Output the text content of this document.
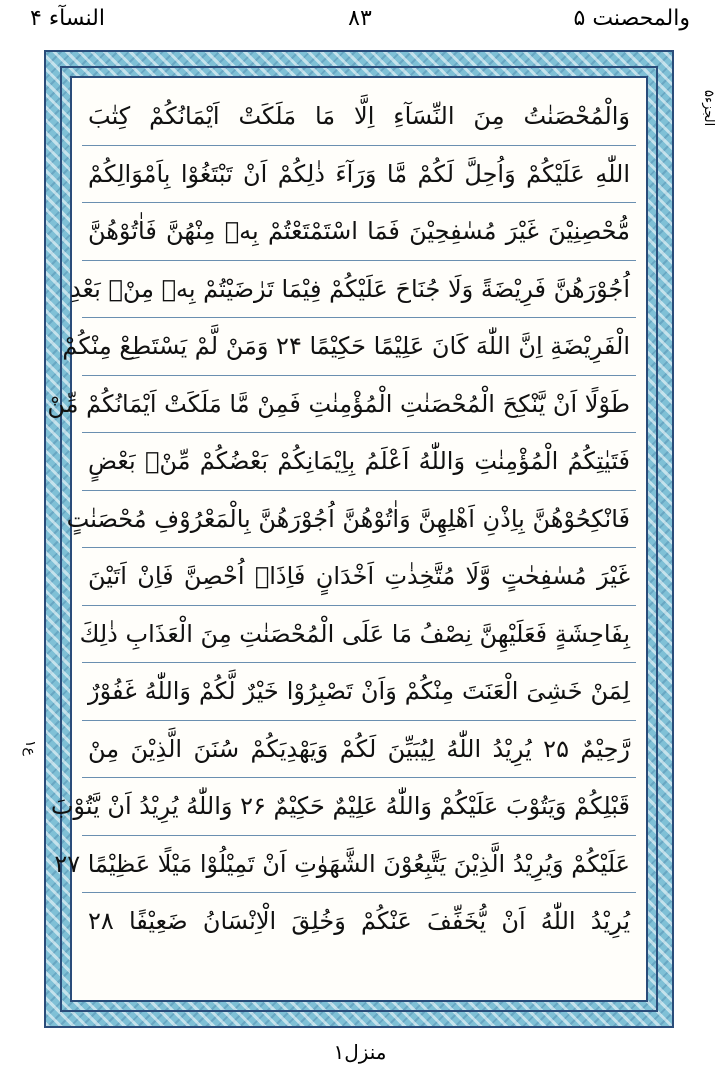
والمحصنت ۵
۸۳
النسآء ۴
الجزء۵
ع۱
وَالْمُحْصَنٰتُ مِنَ النِّسَآءِ اِلَّا مَا مَلَكَتْ اَیْمَانُكُمْ كِتٰبَ
اللّٰهِ عَلَیْكُمْ وَاُحِلَّ لَكُمْ مَّا وَرَآءَ ذٰلِكُمْ اَنْ تَبْتَغُوْا بِاَمْوَالِكُمْ
مُّحْصِنِیْنَ غَیْرَ مُسٰفِحِیْنَ فَمَا اسْتَمْتَعْتُمْ بِهٖ مِنْهُنَّ فَاٰتُوْهُنَّ
اُجُوْرَهُنَّ فَرِیْضَةً وَلَا جُنَاحَ عَلَیْكُمْ فِیْمَا تَرٰضَیْتُمْ بِهٖ مِنْۢ بَعْدِ
الْفَرِیْضَةِ اِنَّ اللّٰهَ كَانَ عَلِیْمًا حَكِیْمًا ۲۴ وَمَنْ لَّمْ یَسْتَطِعْ مِنْكُمْ
طَوْلًا اَنْ یَّنْكِحَ الْمُحْصَنٰتِ الْمُؤْمِنٰتِ فَمِنْ مَّا مَلَكَتْ اَیْمَانُكُمْ مِّنْ
فَتَیٰتِكُمُ الْمُؤْمِنٰتِ وَاللّٰهُ اَعْلَمُ بِاِیْمَانِكُمْ بَعْضُكُمْ مِّنْۢ بَعْضٍ
فَانْكِحُوْهُنَّ بِاِذْنِ اَهْلِهِنَّ وَاٰتُوْهُنَّ اُجُوْرَهُنَّ بِالْمَعْرُوْفِ مُحْصَنٰتٍ
غَیْرَ مُسٰفِحٰتٍ وَّلَا مُتَّخِذٰتِ اَخْدَانٍ فَاِذَاۤ اُحْصِنَّ فَاِنْ اَتَیْنَ
بِفَاحِشَةٍ فَعَلَیْهِنَّ نِصْفُ مَا عَلَى الْمُحْصَنٰتِ مِنَ الْعَذَابِ ذٰلِكَ
لِمَنْ خَشِیَ الْعَنَتَ مِنْكُمْ وَاَنْ تَصْبِرُوْا خَیْرٌ لَّكُمْ وَاللّٰهُ غَفُوْرٌ
رَّحِیْمٌ ۲۵ یُرِیْدُ اللّٰهُ لِیُبَیِّنَ لَكُمْ وَیَهْدِیَكُمْ سُنَنَ الَّذِیْنَ مِنْ
قَبْلِكُمْ وَیَتُوْبَ عَلَیْكُمْ وَاللّٰهُ عَلِیْمٌ حَكِیْمٌ ۲۶ وَاللّٰهُ یُرِیْدُ اَنْ یَّتُوْبَ
عَلَیْكُمْ وَیُرِیْدُ الَّذِیْنَ یَتَّبِعُوْنَ الشَّهَوٰتِ اَنْ تَمِیْلُوْا مَیْلًا عَظِیْمًا ۲۷
یُرِیْدُ اللّٰهُ اَنْ یُّخَفِّفَ عَنْكُمْ وَخُلِقَ الْاِنْسَانُ ضَعِیْفًا ۲۸
منزل۱
